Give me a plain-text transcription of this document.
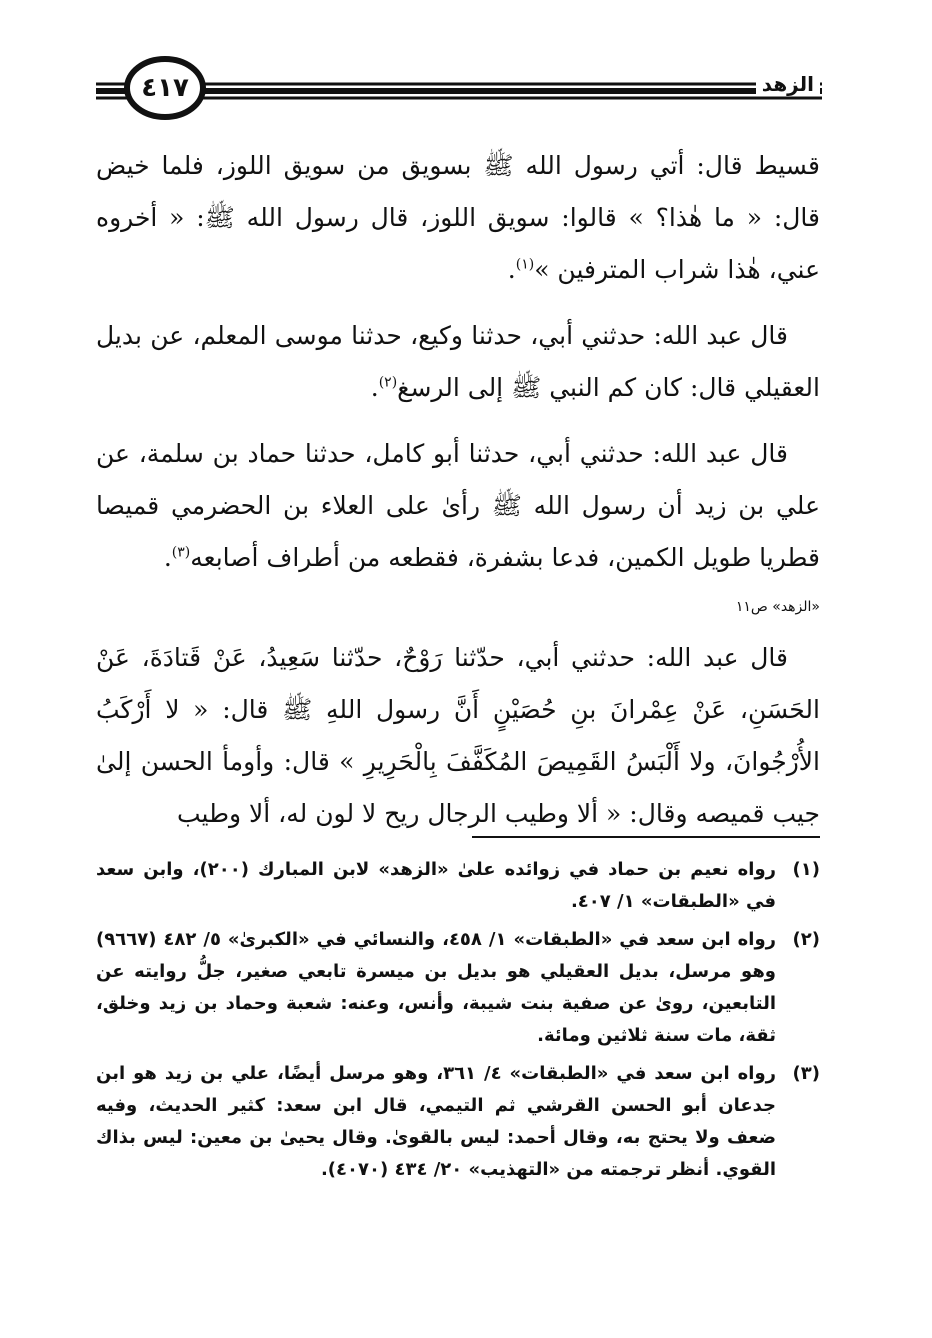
٤١٧	الزهد

قسيط قال: أتي رسول الله ﷺ بسويق من سويق اللوز، فلما خيض قال: « ما هٰذا؟ » قالوا: سويق اللوز، قال رسول الله ﷺ: « أخروه عني، هٰذا شراب المترفين »$^{(١)}$.

قال عبد الله: حدثني أبي، حدثنا وكيع، حدثنا موسى المعلم، عن بديل العقيلي قال: كان كم النبي ﷺ إلى الرسغ$^{(٢)}$.

قال عبد الله: حدثني أبي، حدثنا أبو كامل، حدثنا حماد بن سلمة، عن علي بن زيد أن رسول الله ﷺ رأىٰ على العلاء بن الحضرمي قميصا قطريا طويل الكمين، فدعا بشفرة، فقطعه من أطراف أصابعه$^{(٣)}$.

«الزهد» ص١١

قال عبد الله: حدثني أبي، حدّثنا رَوْحٌ، حدّثنا سَعِيدُ، عَنْ قَتادَةَ، عَنْ الحَسَنِ، عَنْ عِمْرانَ بنِ حُصَيْنٍ أَنَّ رسول اللهِ ﷺ قال: « لا أَرْكَبُ الأُرْجُوانَ، ولا أَلْبَسُ القَمِيصَ المُكَفَّفَ بِالْحَرِيرِ » قال: وأومأ الحسن إلىٰ جيب قميصه وقال: « ألا وطيب الرجال ريح لا لون له، ألا وطيب

(١)
رواه نعيم بن حماد في زوائده علىٰ «الزهد» لابن المبارك (٢٠٠)، وابن سعد في «الطبقات» ١/ ٤٠٧.
(٢)
رواه ابن سعد في «الطبقات» ١/ ٤٥٨، والنسائي في «الكبرىٰ» ٥/ ٤٨٢ (٩٦٦٧) وهو مرسل، بديل العقيلي هو بديل بن ميسرة تابعي صغير، جلُّ روايته عن التابعين، رویٰ عن صفية بنت شيبة، وأنس، وعنه: شعبة وحماد بن زيد وخلق، ثقة، مات سنة ثلاثين ومائة.
(٣)
رواه ابن سعد في «الطبقات» ٤/ ٣٦١، وهو مرسل أيضًا، علي بن زيد هو ابن جدعان أبو الحسن القرشي ثم التيمي، قال ابن سعد: كثير الحديث، وفيه ضعف ولا يحتج به، وقال أحمد: ليس بالقوىٰ. وقال يحيىٰ بن معين: ليس بذاك القوي. أنظر ترجمته من «التهذيب» ٢٠/ ٤٣٤ (٤٠٧٠).
